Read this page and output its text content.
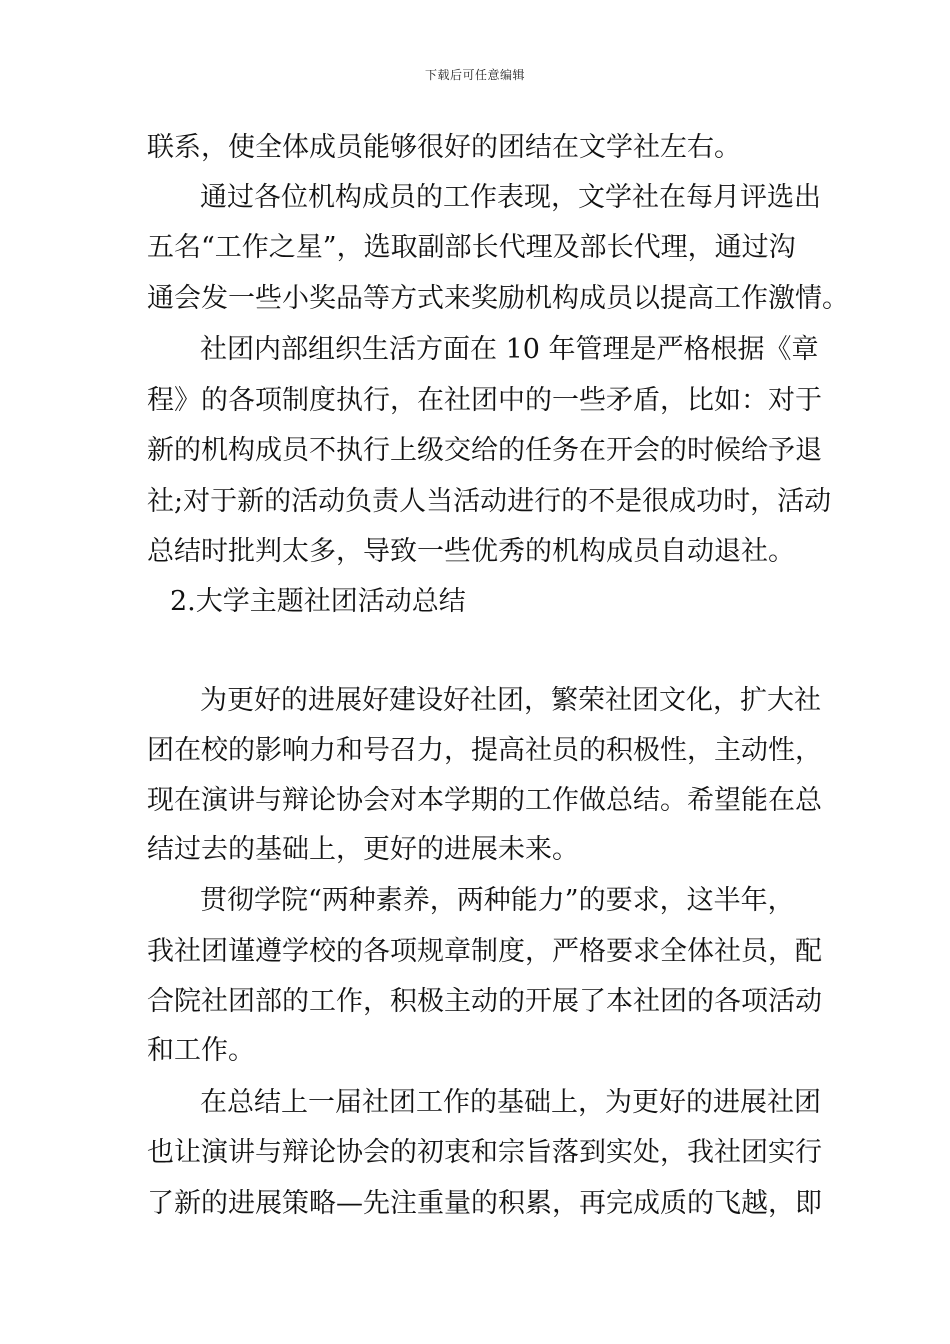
下载后可任意编辑
联系，使全体成员能够很好的团结在文学社左右。
通过各位机构成员的工作表现，文学社在每月评选出
五名“工作之星”，选取副部长代理及部长代理，通过沟
通会发一些小奖品等方式来奖励机构成员以提高工作激情。
社团内部组织生活方面在 10 年管理是严格根据《章
程》的各项制度执行，在社团中的一些矛盾，比如：对于
新的机构成员不执行上级交给的任务在开会的时候给予退
社;对于新的活动负责人当活动进行的不是很成功时，活动
总结时批判太多，导致一些优秀的机构成员自动退社。
2.大学主题社团活动总结
为更好的进展好建设好社团，繁荣社团文化，扩大社
团在校的影响力和号召力，提高社员的积极性，主动性，
现在演讲与辩论协会对本学期的工作做总结。希望能在总
结过去的基础上，更好的进展未来。
贯彻学院“两种素养，两种能力”的要求，这半年，
我社团谨遵学校的各项规章制度，严格要求全体社员，配
合院社团部的工作，积极主动的开展了本社团的各项活动
和工作。
在总结上一届社团工作的基础上，为更好的进展社团
也让演讲与辩论协会的初衷和宗旨落到实处，我社团实行
了新的进展策略—先注重量的积累，再完成质的飞越，即
